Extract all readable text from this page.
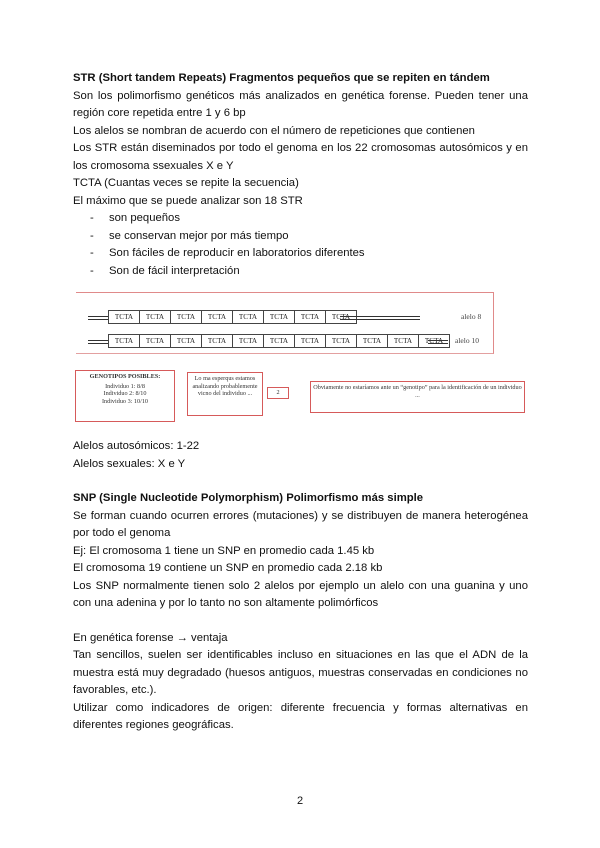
STR (Short tandem Repeats) Fragmentos pequeños que se repiten en tándem

Son los polimorfismo genéticos más analizados en genética forense. Pueden tener una región core repetida entre 1 y 6 bp

Los alelos se nombran de acuerdo con el número de repeticiones que contienen

Los STR están diseminados por todo el genoma en los 22 cromosomas autosómicos y en los cromosoma ssexuales X e Y

TCTA (Cuantas veces se repite la secuencia)

El máximo que se puede analizar son 18 STR

- son pequeños
- se conservan mejor por más tiempo
- Son fáciles de reproducir en laboratorios diferentes
- Son de fácil interpretación
TCTA	TCTA	TCTA	TCTA	TCTA	TCTA	TCTA	TCTA	alelo 8
TCTA	TCTA	TCTA	TCTA	TCTA	TCTA	TCTA	TCTA	TCTA	TCTA	TCTA	alelo 10
GENOTIPOS POSIBLES:
Individuo 1: 8/8
Individuo 2: 8/10
Individuo 3: 10/10
Lo ma esperqus estamos analizando probablemente vicno del individuo ...	2
Obviamente no estaríamos ante un “genotipo” para la identificación de un individuo ...

Alelos autosómicos: 1-22

Alelos sexuales: X e Y

SNP (Single Nucleotide Polymorphism) Polimorfismo más simple

Se forman cuando ocurren errores (mutaciones) y se distribuyen de manera heterogénea por todo el genoma

Ej: El cromosoma 1 tiene un SNP en promedio cada 1.45 kb

El cromosoma 19 contiene un SNP en promedio cada 2.18 kb

Los SNP normalmente tienen solo 2 alelos por ejemplo un alelo con una guanina y uno con una adenina y por lo tanto no son altamente polimórficos

En genética forense → ventaja

Tan sencillos, suelen ser identificables incluso en situaciones en las que el ADN de la muestra está muy degradado (huesos antiguos, muestras conservadas en condiciones no favorables, etc.).

Utilizar como indicadores de origen: diferente frecuencia y formas alternativas en diferentes regiones geográficas.

2
